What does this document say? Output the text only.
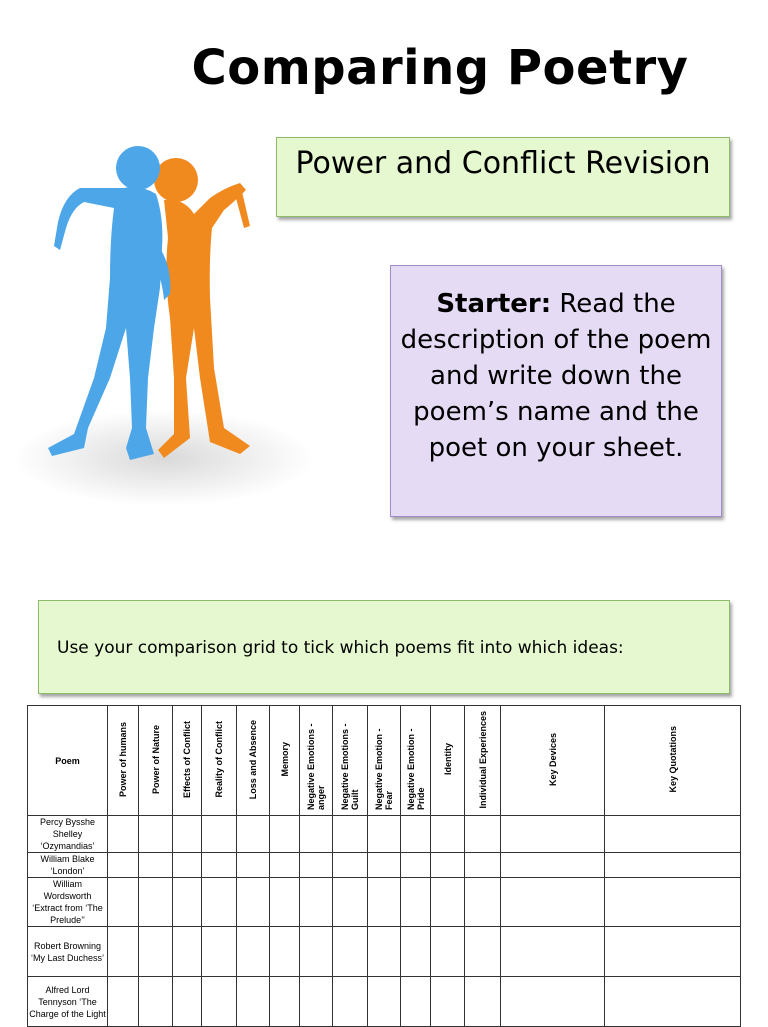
Comparing Poetry
Power and Conflict Revision
Starter: Read the description of the poem and write down the poem’s name and the poet on your sheet.
Use your comparison grid to tick which poems fit into which ideas:
Poem	Power of humans	Power of Nature	Effects of Conflict	Reality of Conflict	Loss and Absence	Memory	Negative Emotions - anger	Negative Emotions - Guilt	Negative Emotion - Fear	Negative Emotion - Pride	Identity	Individual Experiences	Key Devices	Key Quotations
Percy Bysshe Shelley ‘Ozymandias’														
William Blake ‘London’														
William Wordsworth ‘Extract from ‘The Prelude’’														
Robert Browning ‘My Last Duchess’														
Alfred Lord Tennyson ‘The Charge of the Light														
